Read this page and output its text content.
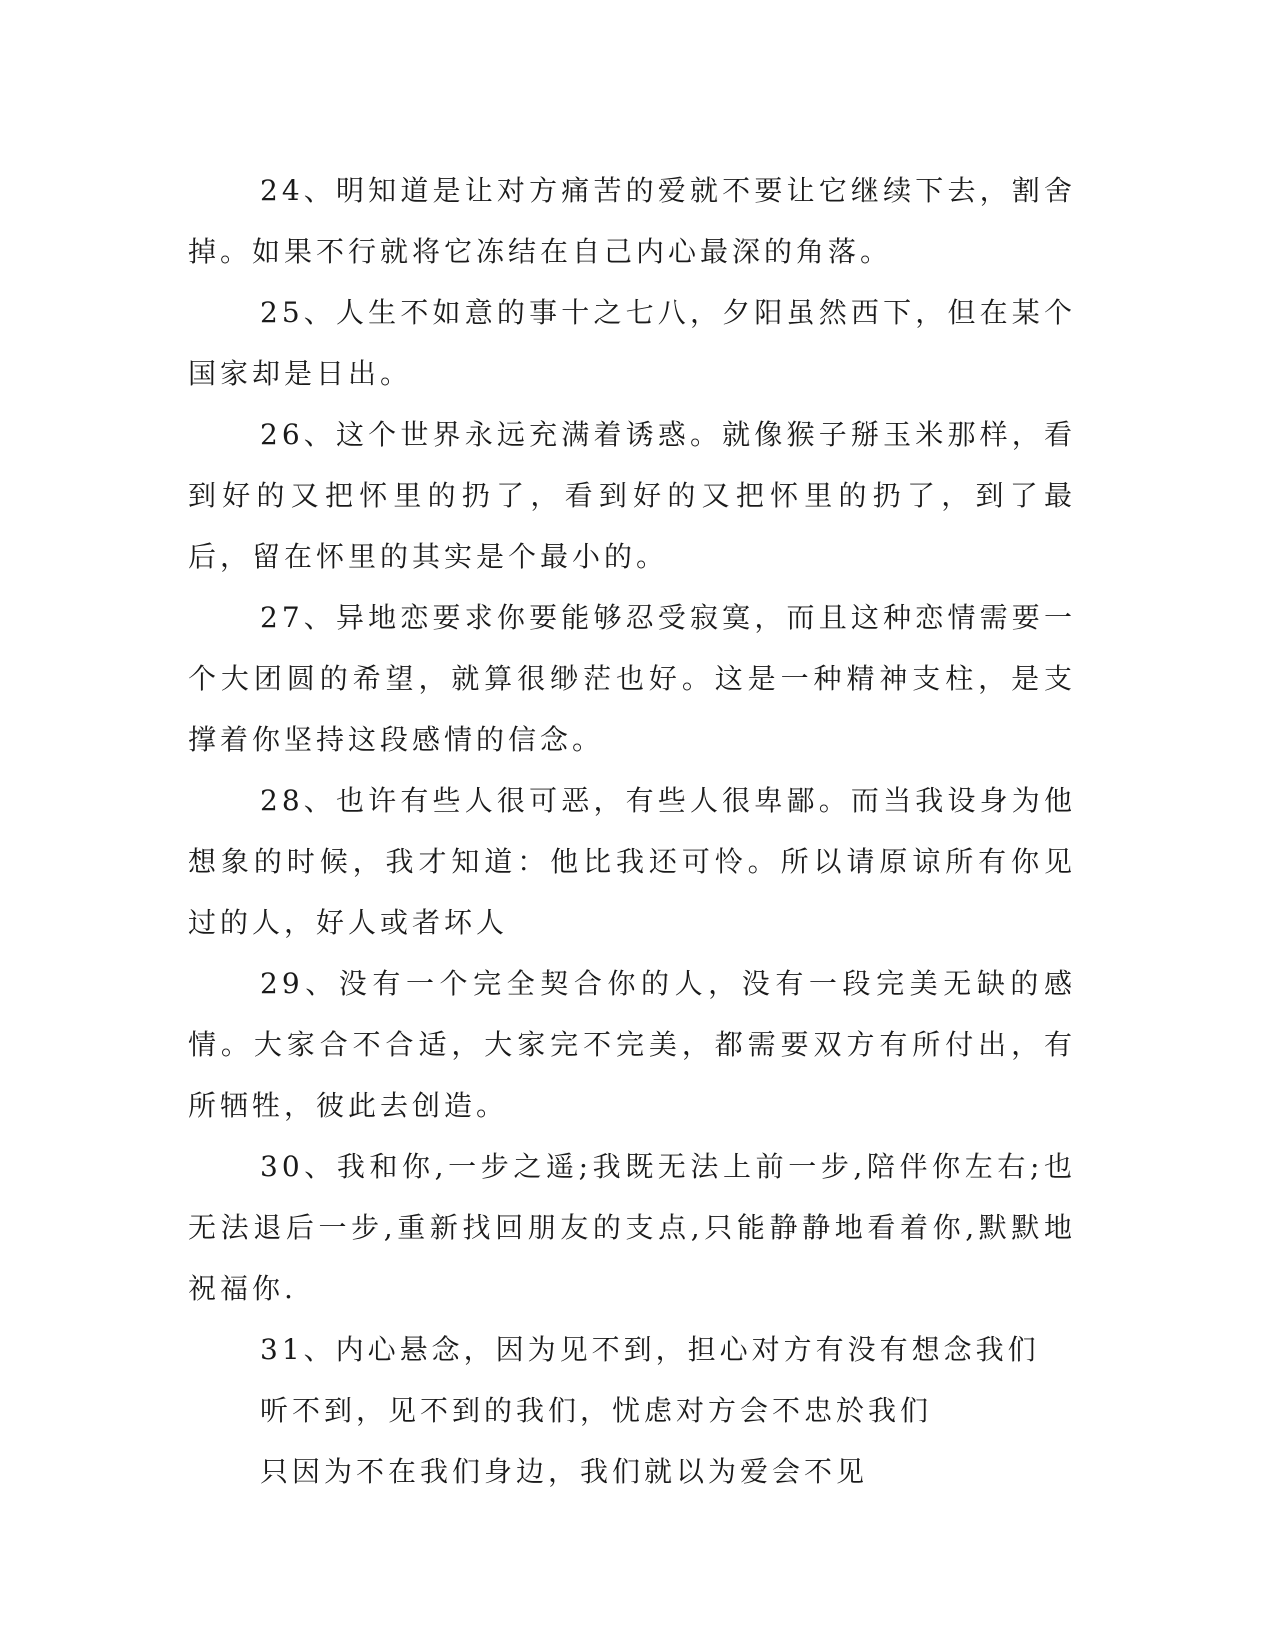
24、明知道是让对方痛苦的爱就不要让它继续下去，割舍掉。如果不行就将它冻结在自己内心最深的角落。

25、人生不如意的事十之七八，夕阳虽然西下，但在某个国家却是日出。

26、这个世界永远充满着诱惑。就像猴子掰玉米那样，看到好的又把怀里的扔了，看到好的又把怀里的扔了，到了最后，留在怀里的其实是个最小的。

27、异地恋要求你要能够忍受寂寞，而且这种恋情需要一个大团圆的希望，就算很缈茫也好。这是一种精神支柱，是支撑着你坚持这段感情的信念。

28、也许有些人很可恶，有些人很卑鄙。而当我设身为他想象的时候，我才知道：他比我还可怜。所以请原谅所有你见过的人，好人或者坏人

29、没有一个完全契合你的人，没有一段完美无缺的感情。大家合不合适，大家完不完美，都需要双方有所付出，有所牺牲，彼此去创造。

30、我和你,一步之遥;我既无法上前一步,陪伴你左右;也无法退后一步,重新找回朋友的支点,只能静静地看着你,默默地祝福你.

31、内心悬念，因为见不到，担心对方有没有想念我们

听不到，见不到的我们，忧虑对方会不忠於我们

只因为不在我们身边，我们就以为爱会不见
